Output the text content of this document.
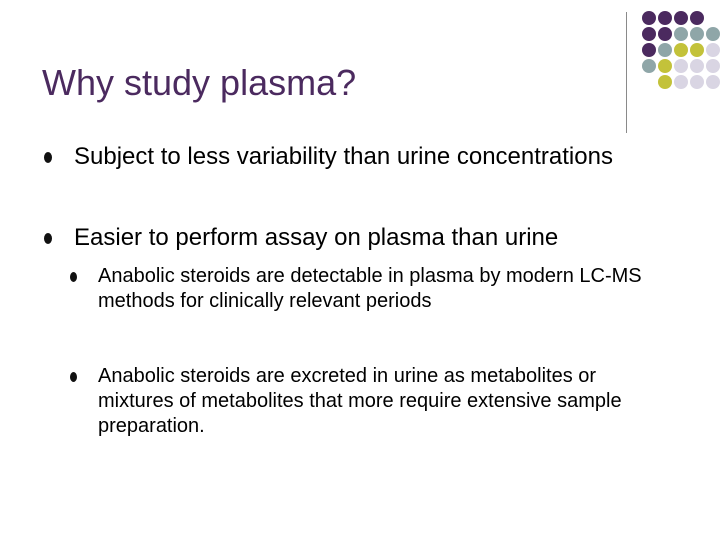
Why study plasma?
Subject to less variability than urine concentrations
Easier to perform assay on plasma than urine
Anabolic steroids are detectable in plasma by modern LC-MS methods for clinically relevant periods
Anabolic steroids are excreted in urine as metabolites or mixtures of metabolites that more require extensive sample preparation.
